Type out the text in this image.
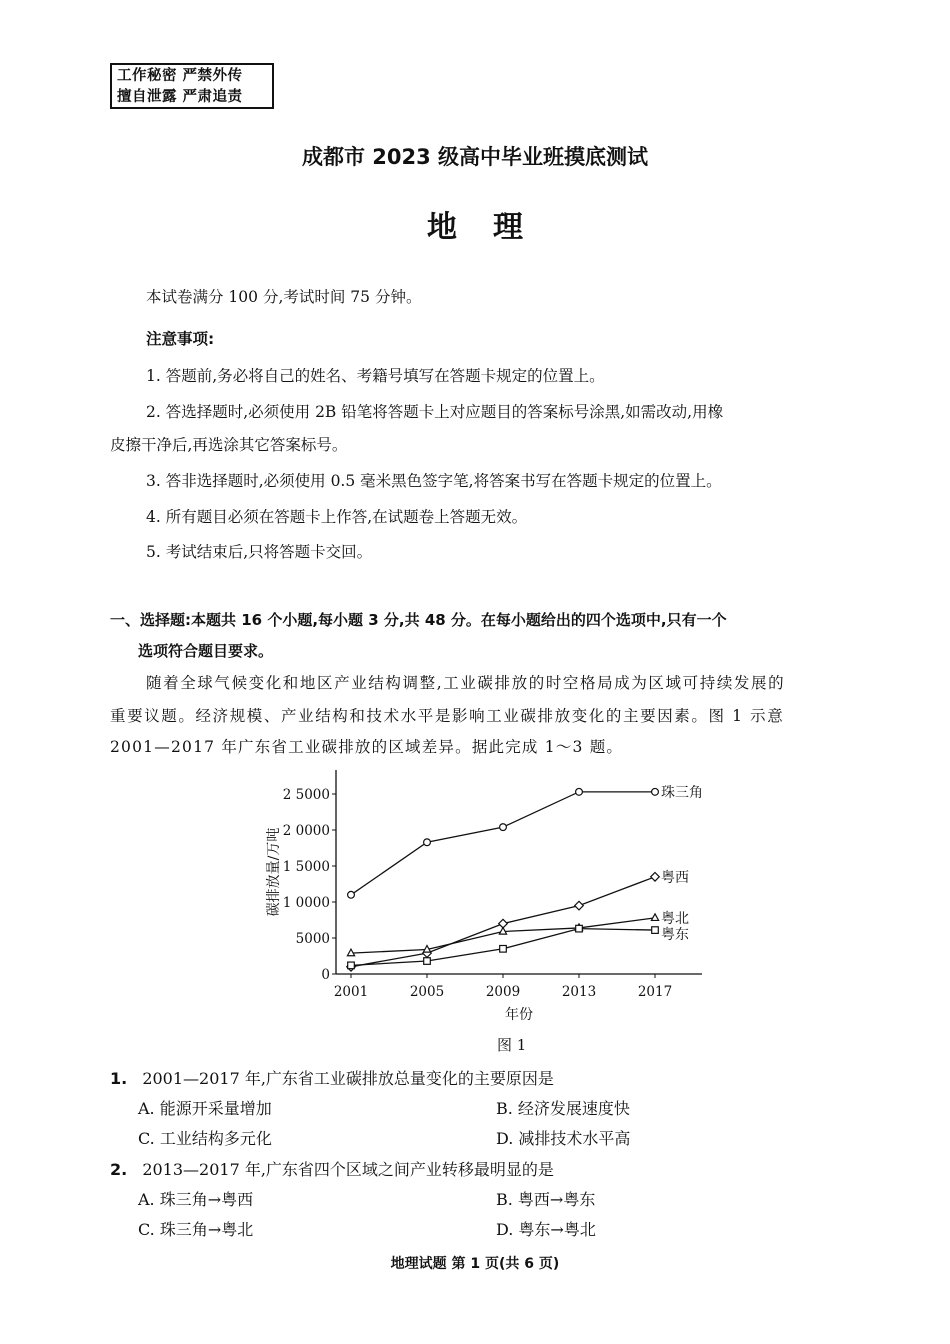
工作秘密 严禁外传
擅自泄露 严肃追责
成都市 2023 级高中毕业班摸底测试
地理
本试卷满分 100 分,考试时间 75 分钟。
注意事项:
1. 答题前,务必将自己的姓名、考籍号填写在答题卡规定的位置上。
2. 答选择题时,必须使用 2B 铅笔将答题卡上对应题目的答案标号涂黑,如需改动,用橡
皮擦干净后,再选涂其它答案标号。
3. 答非选择题时,必须使用 0.5 毫米黑色签字笔,将答案书写在答题卡规定的位置上。
4. 所有题目必须在答题卡上作答,在试题卷上答题无效。
5. 考试结束后,只将答题卡交回。
一、选择题:本题共 16 个小题,每小题 3 分,共 48 分。在每小题给出的四个选项中,只有一个
选项符合题目要求。
随着全球气候变化和地区产业结构调整,工业碳排放的时空格局成为区域可持续发展的
重要议题。经济规模、产业结构和技术水平是影响工业碳排放变化的主要因素。图 1 示意
2001—2017 年广东省工业碳排放的区域差异。据此完成 1～3 题。
0
5000
1 0000
1 5000
2 0000
2 5000
2001	2005	2009	2013	2017
年份
碳排放量/万吨
珠三角
粤西
粤北
粤东
图 1
1. 2001—2017 年,广东省工业碳排放总量变化的主要原因是
A. 能源开采量增加	B. 经济发展速度快
C. 工业结构多元化	D. 减排技术水平高
2. 2013—2017 年,广东省四个区域之间产业转移最明显的是
A. 珠三角→粤西	B. 粤西→粤东
C. 珠三角→粤北	D. 粤东→粤北
地理试题 第 1 页(共 6 页)
